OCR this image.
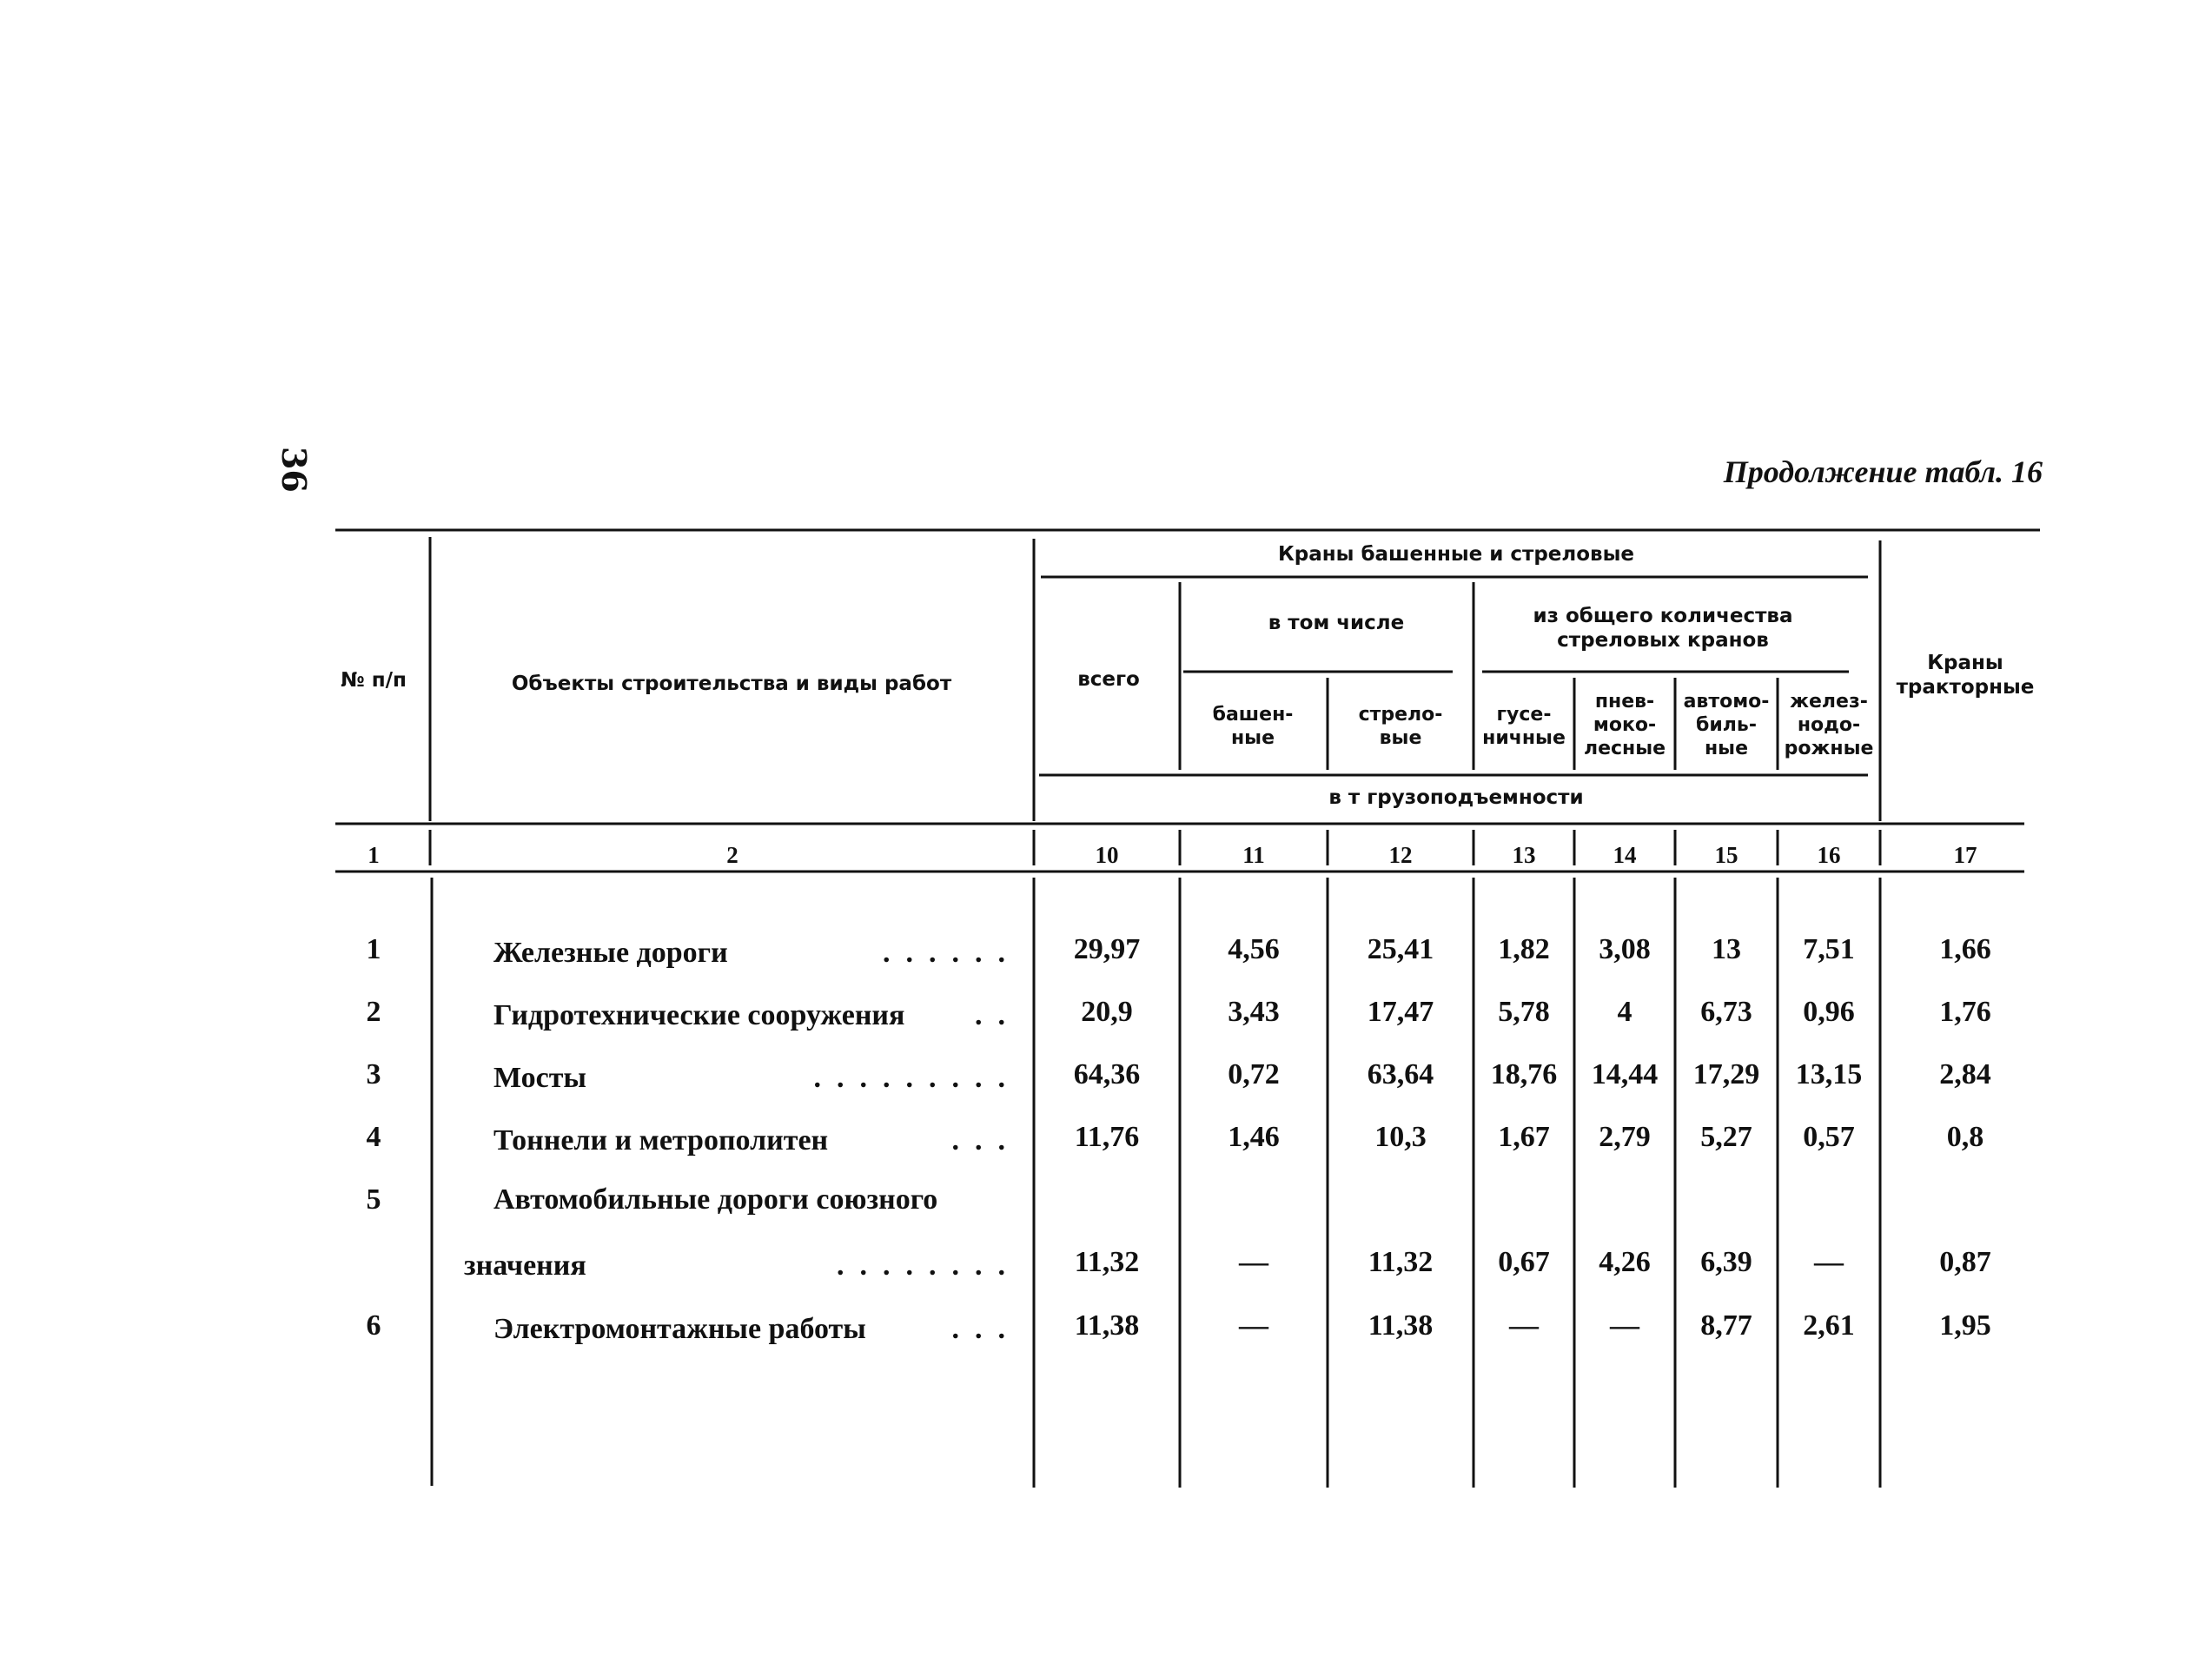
36	Продолжение табл. 16
№ п/п	Объекты строительства и виды работ
Краны башенные и стреловые
всего
в том числе
башен-
ные
стрело-
вые
из общего количества
стреловых кранов
гусе-
ничные
пнев-
моко-
лесные
автомо-
биль-
ные
желез-
нодо-
рожные
в т грузоподъемности
Краны
тракторные
1	2	10	11	12	13	14	15	16	17
1	Железные дороги	...... 29,97	4,56	25,41 1,82 3,08 13 7,51	1,66
2	Гидротехнические сооружения .. 20,9	3,43	17,47 5,78 4 6,73 0,96	1,76
3	Мосты	......... 64,36	0,72	63,64 18,76 14,44 17,29 13,15	2,84
4	Тоннели и метрополитен	... 11,76	1,46	10,3 1,67 2,79 5,27 0,57	0,8
5	Автомобильные дороги союзного
значения	........ 11,32	—	11,32 0,67 4,26 6,39 —	0,87
6	Электромонтажные работы	... 11,38	—	11,38	— — 8,77 2,61	1,95
